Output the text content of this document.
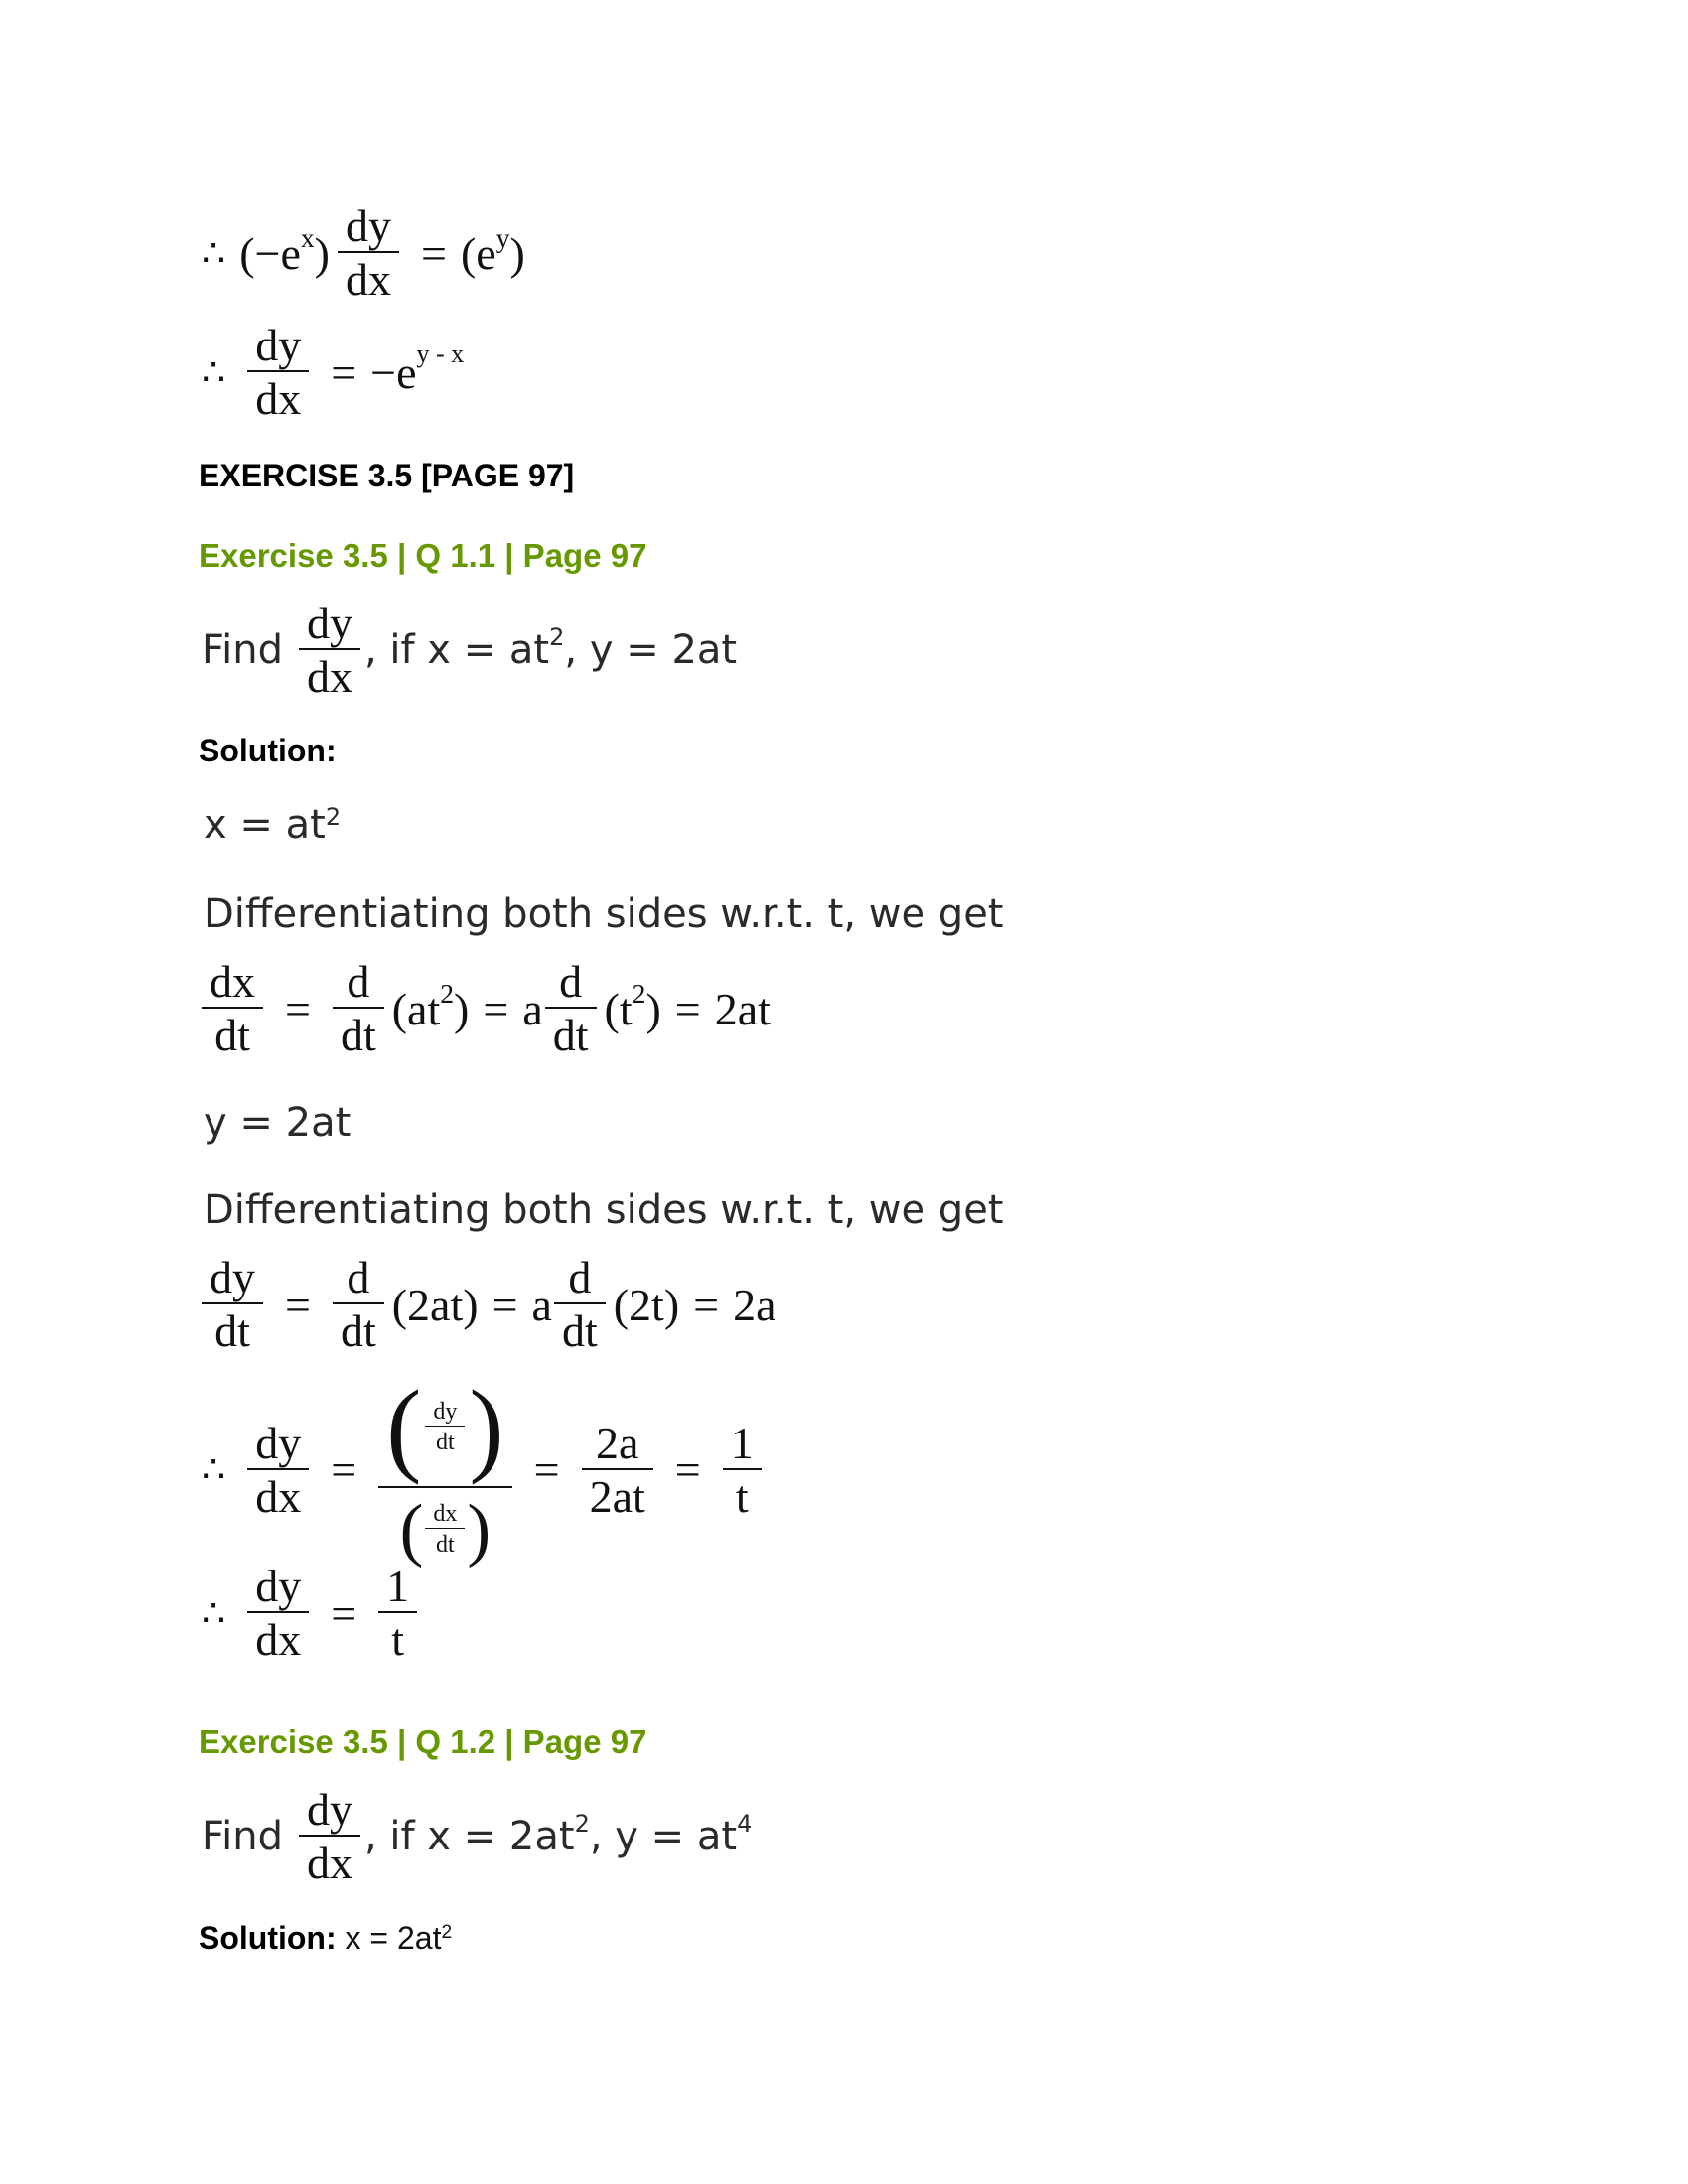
∴ (−e x )
dy
dx
= (e y )
∴
dy
dx
= −e y - x
EXERCISE 3.5 [PAGE 97]
Exercise 3.5 | Q 1.1 | Page 97
Find
dy
dx
, if x = at 2 , y = 2at
Solution:
$x = at^2$
Differentiating both sides w.r.t. t, we get
dx
dt
=
d
dt
(at 2 ) = a
d
dt
(t 2 ) = 2at
y = 2at
Differentiating both sides w.r.t. t, we get
dy
dt
=
d
dt
(2at) = a
d
dt
(2t) = 2a
∴
dy
dx
= ( dy
dt )
( dx
dt )
=
2a
2at
=
1
t
∴
dy
dx
=
1
t
Exercise 3.5 | Q 1.2 | Page 97
Find
dy
dx
, if x = 2at 2 , y = at 4
Solution: $x = 2at^2$
